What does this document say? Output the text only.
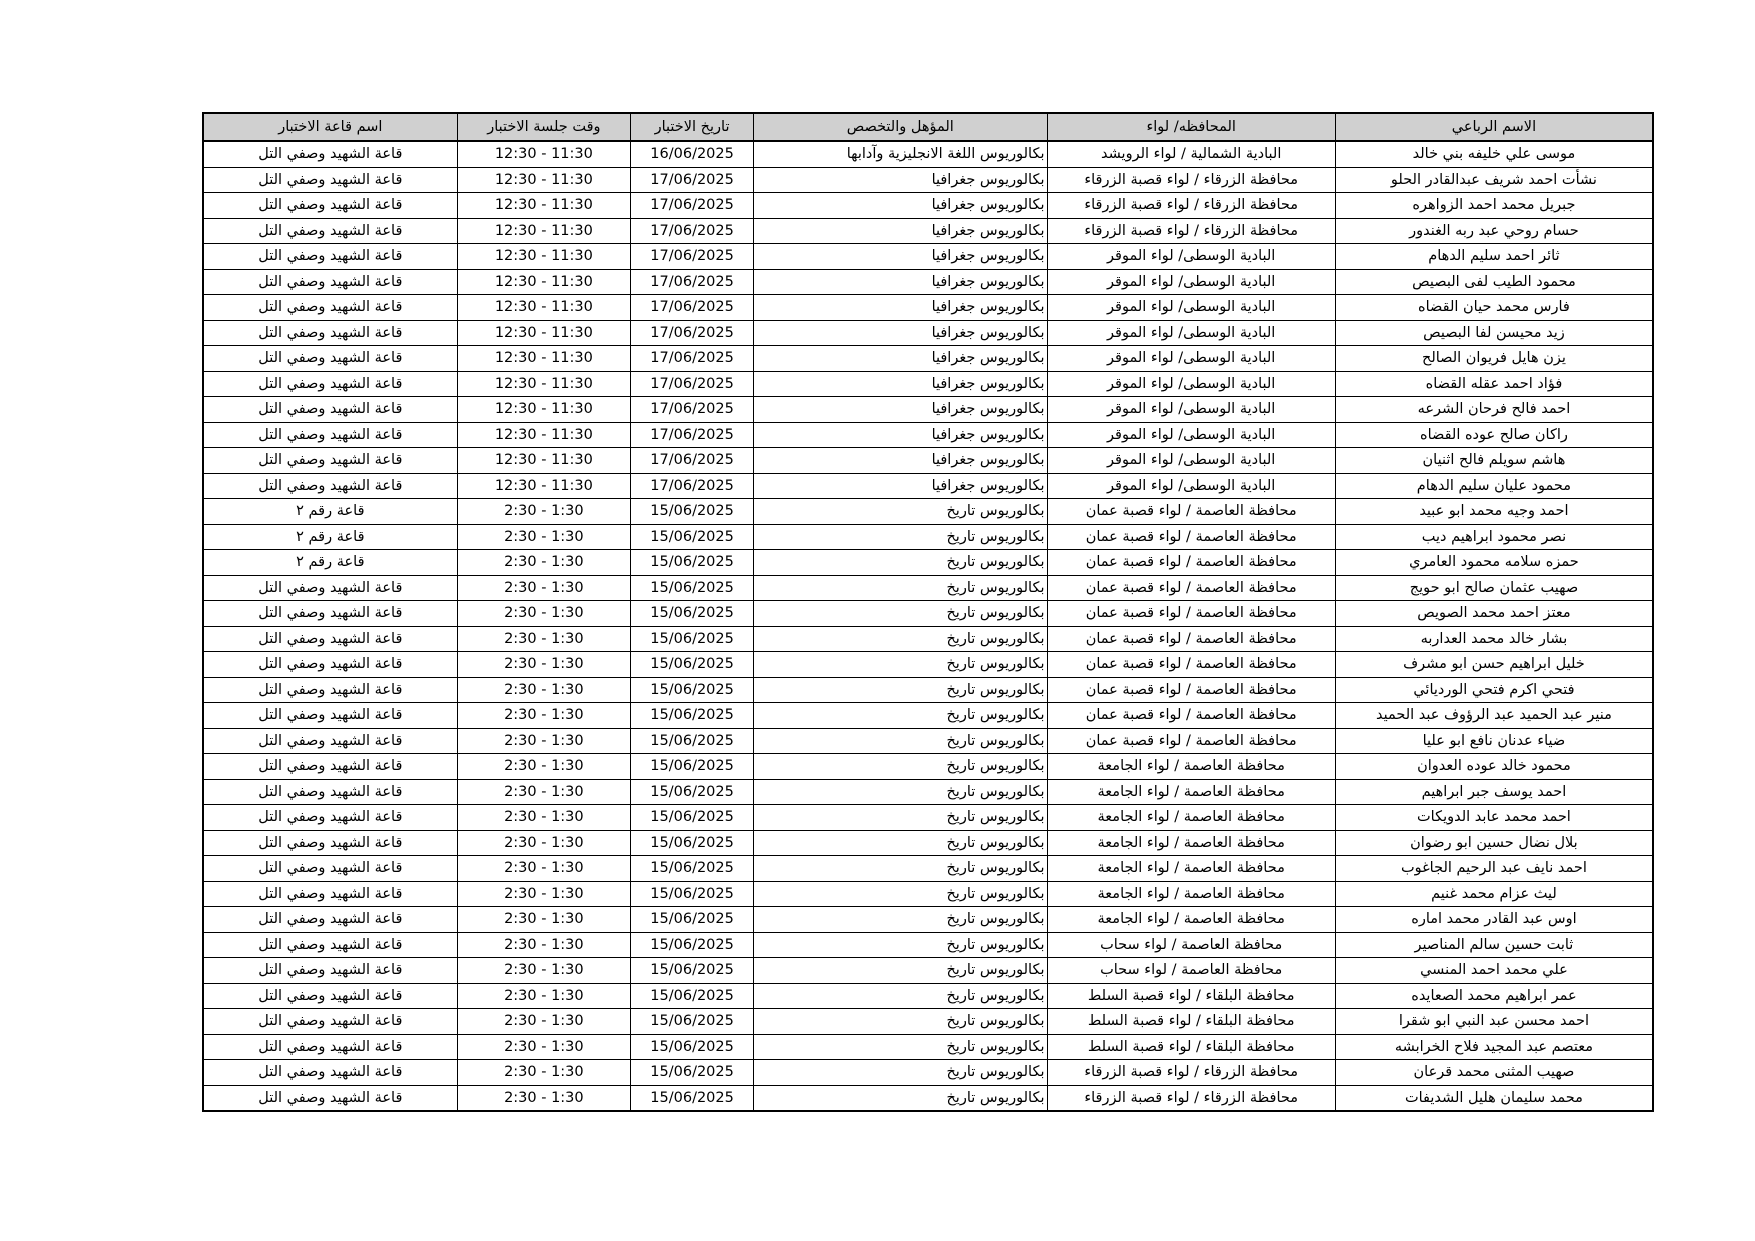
الاسم الرباعي	المحافظه/ لواء	المؤهل والتخصص	تاريخ الاختبار	وقت جلسة الاختبار	اسم قاعة الاختبار
موسى علي خليفه بني خالد	البادية الشمالية / لواء الرويشد	بكالوريوس اللغة الانجليزية وآدابها	16/06/2025	12:30 - 11:30	قاعة الشهيد وصفي التل
نشأت احمد شريف عبدالقادر الحلو	محافظة الزرقاء / لواء قصبة الزرقاء	بكالوريوس جغرافيا	17/06/2025	12:30 - 11:30	قاعة الشهيد وصفي التل
جبريل محمد احمد الزواهره	محافظة الزرقاء / لواء قصبة الزرقاء	بكالوريوس جغرافيا	17/06/2025	12:30 - 11:30	قاعة الشهيد وصفي التل
حسام روحي عبد ربه الغندور	محافظة الزرقاء / لواء قصبة الزرقاء	بكالوريوس جغرافيا	17/06/2025	12:30 - 11:30	قاعة الشهيد وصفي التل
ثائر احمد سليم الدهام	البادية الوسطى/ لواء الموقر	بكالوريوس جغرافيا	17/06/2025	12:30 - 11:30	قاعة الشهيد وصفي التل
محمود الطيب لفى البصيص	البادية الوسطى/ لواء الموقر	بكالوريوس جغرافيا	17/06/2025	12:30 - 11:30	قاعة الشهيد وصفي التل
فارس محمد حيان القضاه	البادية الوسطى/ لواء الموقر	بكالوريوس جغرافيا	17/06/2025	12:30 - 11:30	قاعة الشهيد وصفي التل
زيد محيسن لفا البصيص	البادية الوسطى/ لواء الموقر	بكالوريوس جغرافيا	17/06/2025	12:30 - 11:30	قاعة الشهيد وصفي التل
يزن هايل فريوان الصالح	البادية الوسطى/ لواء الموقر	بكالوريوس جغرافيا	17/06/2025	12:30 - 11:30	قاعة الشهيد وصفي التل
فؤاد احمد عقله القضاه	البادية الوسطى/ لواء الموقر	بكالوريوس جغرافيا	17/06/2025	12:30 - 11:30	قاعة الشهيد وصفي التل
احمد فالح فرحان الشرعه	البادية الوسطى/ لواء الموقر	بكالوريوس جغرافيا	17/06/2025	12:30 - 11:30	قاعة الشهيد وصفي التل
راكان صالح عوده القضاه	البادية الوسطى/ لواء الموقر	بكالوريوس جغرافيا	17/06/2025	12:30 - 11:30	قاعة الشهيد وصفي التل
هاشم سويلم فالح اثنيان	البادية الوسطى/ لواء الموقر	بكالوريوس جغرافيا	17/06/2025	12:30 - 11:30	قاعة الشهيد وصفي التل
محمود عليان سليم الدهام	البادية الوسطى/ لواء الموقر	بكالوريوس جغرافيا	17/06/2025	12:30 - 11:30	قاعة الشهيد وصفي التل
احمد وجيه محمد ابو عبيد	محافظة العاصمة / لواء قصبة عمان	بكالوريوس تاريخ	15/06/2025	2:30 - 1:30	قاعة رقم ٢
نصر محمود ابراهيم ديب	محافظة العاصمة / لواء قصبة عمان	بكالوريوس تاريخ	15/06/2025	2:30 - 1:30	قاعة رقم ٢
حمزه سلامه محمود العامري	محافظة العاصمة / لواء قصبة عمان	بكالوريوس تاريخ	15/06/2025	2:30 - 1:30	قاعة رقم ٢
صهيب عثمان صالح ابو حويج	محافظة العاصمة / لواء قصبة عمان	بكالوريوس تاريخ	15/06/2025	2:30 - 1:30	قاعة الشهيد وصفي التل
معتز احمد محمد الصويص	محافظة العاصمة / لواء قصبة عمان	بكالوريوس تاريخ	15/06/2025	2:30 - 1:30	قاعة الشهيد وصفي التل
بشار خالد محمد العداربه	محافظة العاصمة / لواء قصبة عمان	بكالوريوس تاريخ	15/06/2025	2:30 - 1:30	قاعة الشهيد وصفي التل
خليل ابراهيم حسن ابو مشرف	محافظة العاصمة / لواء قصبة عمان	بكالوريوس تاريخ	15/06/2025	2:30 - 1:30	قاعة الشهيد وصفي التل
فتحي اكرم فتحي الورديائي	محافظة العاصمة / لواء قصبة عمان	بكالوريوس تاريخ	15/06/2025	2:30 - 1:30	قاعة الشهيد وصفي التل
منير عبد الحميد عبد الرؤوف عبد الحميد	محافظة العاصمة / لواء قصبة عمان	بكالوريوس تاريخ	15/06/2025	2:30 - 1:30	قاعة الشهيد وصفي التل
ضياء عدنان نافع ابو عليا	محافظة العاصمة / لواء قصبة عمان	بكالوريوس تاريخ	15/06/2025	2:30 - 1:30	قاعة الشهيد وصفي التل
محمود خالد عوده العدوان	محافظة العاصمة / لواء الجامعة	بكالوريوس تاريخ	15/06/2025	2:30 - 1:30	قاعة الشهيد وصفي التل
احمد يوسف جبر ابراهيم	محافظة العاصمة / لواء الجامعة	بكالوريوس تاريخ	15/06/2025	2:30 - 1:30	قاعة الشهيد وصفي التل
احمد محمد عابد الدويكات	محافظة العاصمة / لواء الجامعة	بكالوريوس تاريخ	15/06/2025	2:30 - 1:30	قاعة الشهيد وصفي التل
بلال نضال حسين ابو رضوان	محافظة العاصمة / لواء الجامعة	بكالوريوس تاريخ	15/06/2025	2:30 - 1:30	قاعة الشهيد وصفي التل
احمد نايف عبد الرحيم الجاغوب	محافظة العاصمة / لواء الجامعة	بكالوريوس تاريخ	15/06/2025	2:30 - 1:30	قاعة الشهيد وصفي التل
ليث عزام محمد غنيم	محافظة العاصمة / لواء الجامعة	بكالوريوس تاريخ	15/06/2025	2:30 - 1:30	قاعة الشهيد وصفي التل
اوس عبد القادر محمد اماره	محافظة العاصمة / لواء الجامعة	بكالوريوس تاريخ	15/06/2025	2:30 - 1:30	قاعة الشهيد وصفي التل
ثابت حسين سالم المناصير	محافظة العاصمة / لواء سحاب	بكالوريوس تاريخ	15/06/2025	2:30 - 1:30	قاعة الشهيد وصفي التل
علي محمد احمد المنسي	محافظة العاصمة / لواء سحاب	بكالوريوس تاريخ	15/06/2025	2:30 - 1:30	قاعة الشهيد وصفي التل
عمر ابراهيم محمد الصعايده	محافظة البلقاء / لواء قصبة السلط	بكالوريوس تاريخ	15/06/2025	2:30 - 1:30	قاعة الشهيد وصفي التل
احمد محسن عبد النبي ابو شقرا	محافظة البلقاء / لواء قصبة السلط	بكالوريوس تاريخ	15/06/2025	2:30 - 1:30	قاعة الشهيد وصفي التل
معتصم عبد المجيد فلاح الخرابشه	محافظة البلقاء / لواء قصبة السلط	بكالوريوس تاريخ	15/06/2025	2:30 - 1:30	قاعة الشهيد وصفي التل
صهيب المثنى محمد قرعان	محافظة الزرقاء / لواء قصبة الزرقاء	بكالوريوس تاريخ	15/06/2025	2:30 - 1:30	قاعة الشهيد وصفي التل
محمد سليمان هليل الشديفات	محافظة الزرقاء / لواء قصبة الزرقاء	بكالوريوس تاريخ	15/06/2025	2:30 - 1:30	قاعة الشهيد وصفي التل
